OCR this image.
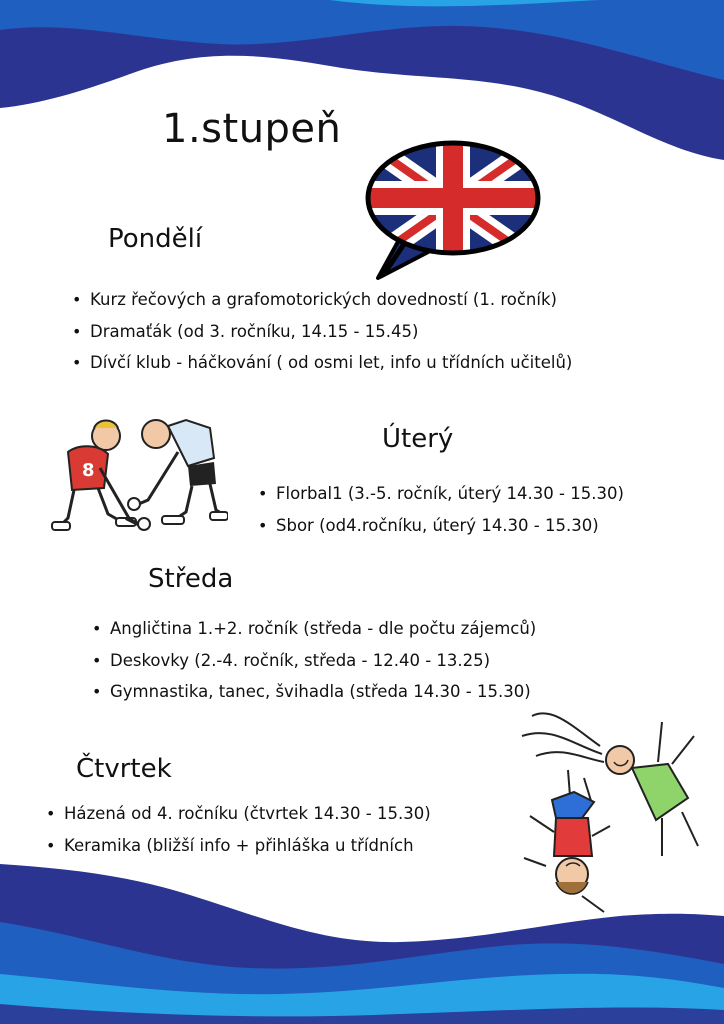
1.stupeň
8
Pondělí
• Kurz řečových a grafomotorických dovedností (1. ročník)
• Dramaťák (od 3. ročníku, 14.15 - 15.45)
• Dívčí klub - háčkování ( od osmi let, info u třídních učitelů)
Úterý
• Florbal1 (3.-5. ročník, úterý 14.30 - 15.30)
• Sbor (od4.ročníku, úterý 14.30 - 15.30)
Středa
• Angličtina 1.+2. ročník (středa - dle počtu zájemců)
• Deskovky (2.-4. ročník, středa - 12.40 - 13.25)
• Gymnastika, tanec, švihadla (středa 14.30 - 15.30)
Čtvrtek
• Házená od 4. ročníku (čtvrtek 14.30 - 15.30)
• Keramika (bližší info + přihláška u třídních
